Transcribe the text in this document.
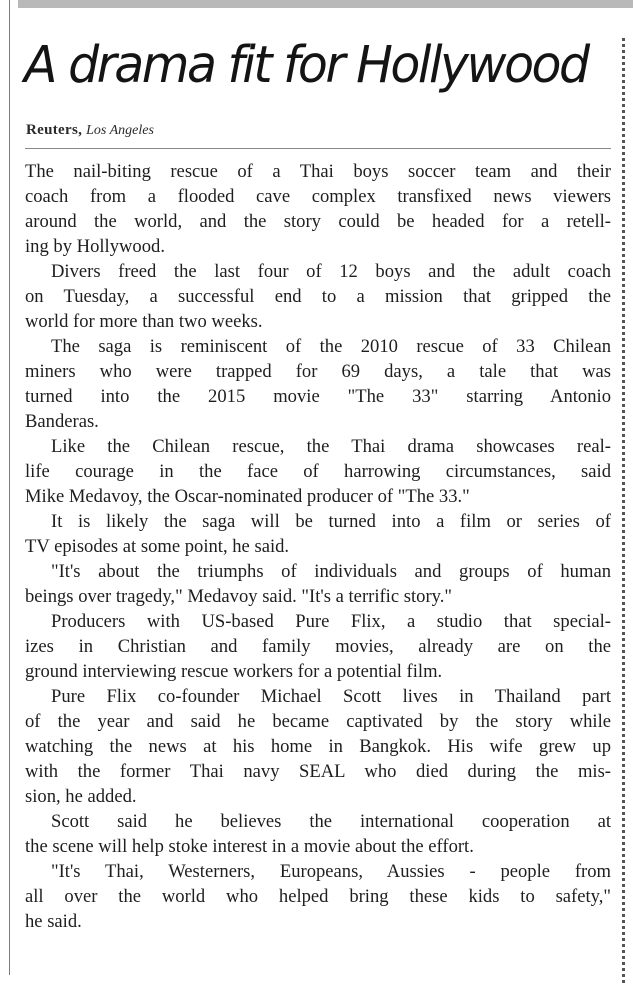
A drama fit for Hollywood
Reuters, Los Angeles
The nail-biting rescue of a Thai boys soccer team and their
coach from a flooded cave complex transfixed news viewers
around the world, and the story could be headed for a retell-
ing by Hollywood.
Divers freed the last four of 12 boys and the adult coach
on Tuesday, a successful end to a mission that gripped the
world for more than two weeks.
The saga is reminiscent of the 2010 rescue of 33 Chilean
miners who were trapped for 69 days, a tale that was
turned into the 2015 movie "The 33" starring Antonio
Banderas.
Like the Chilean rescue, the Thai drama showcases real-
life courage in the face of harrowing circumstances, said
Mike Medavoy, the Oscar-nominated producer of "The 33."
It is likely the saga will be turned into a film or series of
TV episodes at some point, he said.
"It's about the triumphs of individuals and groups of human
beings over tragedy," Medavoy said. "It's a terrific story."
Producers with US-based Pure Flix, a studio that special-
izes in Christian and family movies, already are on the
ground interviewing rescue workers for a potential film.
Pure Flix co-founder Michael Scott lives in Thailand part
of the year and said he became captivated by the story while
watching the news at his home in Bangkok. His wife grew up
with the former Thai navy SEAL who died during the mis-
sion, he added.
Scott said he believes the international cooperation at
the scene will help stoke interest in a movie about the effort.
"It's Thai, Westerners, Europeans, Aussies - people from
all over the world who helped bring these kids to safety,"
he said.
